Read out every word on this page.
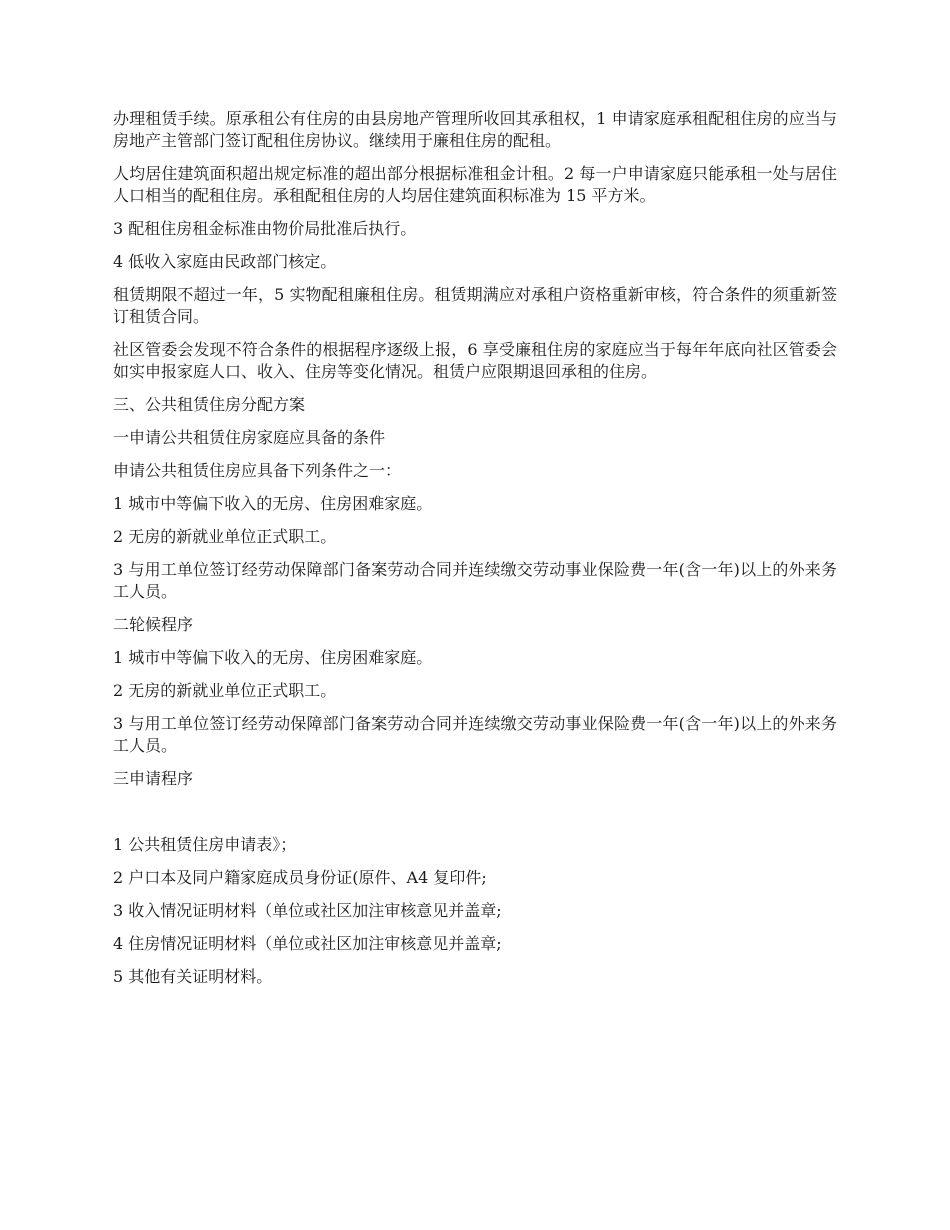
办理租赁手续。原承租公有住房的由县房地产管理所收回其承租权，1 申请家庭承租配租住房的应当与房地产主管部门签订配租住房协议。继续用于廉租住房的配租。

人均居住建筑面积超出规定标准的超出部分根据标准租金计租。2 每一户申请家庭只能承租一处与居住人口相当的配租住房。承租配租住房的人均居住建筑面积标准为 15 平方米。

3 配租住房租金标准由物价局批准后执行。

4 低收入家庭由民政部门核定。

租赁期限不超过一年，5 实物配租廉租住房。租赁期满应对承租户资格重新审核，符合条件的须重新签订租赁合同。

社区管委会发现不符合条件的根据程序逐级上报，6 享受廉租住房的家庭应当于每年年底向社区管委会如实申报家庭人口、收入、住房等变化情况。租赁户应限期退回承租的住房。

三、公共租赁住房分配方案

一申请公共租赁住房家庭应具备的条件

申请公共租赁住房应具备下列条件之一：

1 城市中等偏下收入的无房、住房困难家庭。

2 无房的新就业单位正式职工。

3 与用工单位签订经劳动保障部门备案劳动合同并连续缴交劳动事业保险费一年(含一年)以上的外来务工人员。

二轮候程序

1 城市中等偏下收入的无房、住房困难家庭。

2 无房的新就业单位正式职工。

3 与用工单位签订经劳动保障部门备案劳动合同并连续缴交劳动事业保险费一年(含一年)以上的外来务工人员。

三申请程序

1 公共租赁住房申请表》；

2 户口本及同户籍家庭成员身份证(原件、A4 复印件;

3 收入情况证明材料（单位或社区加注审核意见并盖章;

4 住房情况证明材料（单位或社区加注审核意见并盖章;

5 其他有关证明材料。
